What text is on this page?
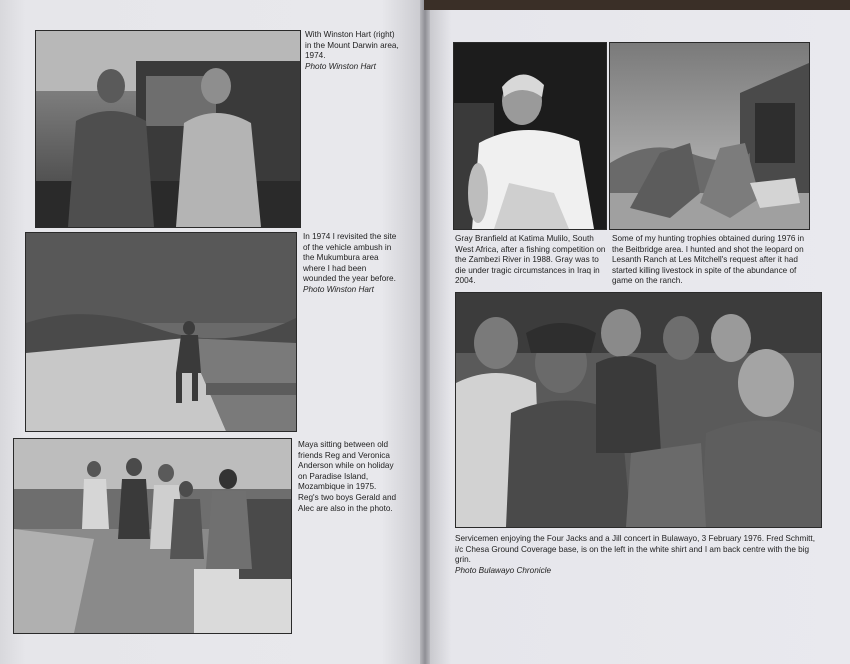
With Winston Hart (right) in the Mount Darwin area, 1974.

Photo Winston Hart

In 1974 I revisited the site of the vehicle ambush in the Mukumbura area where I had been wounded the year before.

Photo Winston Hart

Maya sitting between old friends Reg and Veronica Anderson while on holiday on Paradise Island, Mozambique in 1975. Reg's two boys Gerald and Alec are also in the photo.

Gray Branfield at Katima Mulilo, South West Africa, after a fishing competition on the Zambezi River in 1988. Gray was to die under tragic circumstances in Iraq in 2004.

Some of my hunting trophies obtained during 1976 in the Beitbridge area. I hunted and shot the leopard on Lesanth Ranch at Les Mitchell's request after it had started killing livestock in spite of the abundance of game on the ranch.

Servicemen enjoying the Four Jacks and a Jill concert in Bulawayo, 3 February 1976. Fred Schmitt, i/c Chesa Ground Coverage base, is on the left in the white shirt and I am back centre with the big grin.

Photo Bulawayo Chronicle
